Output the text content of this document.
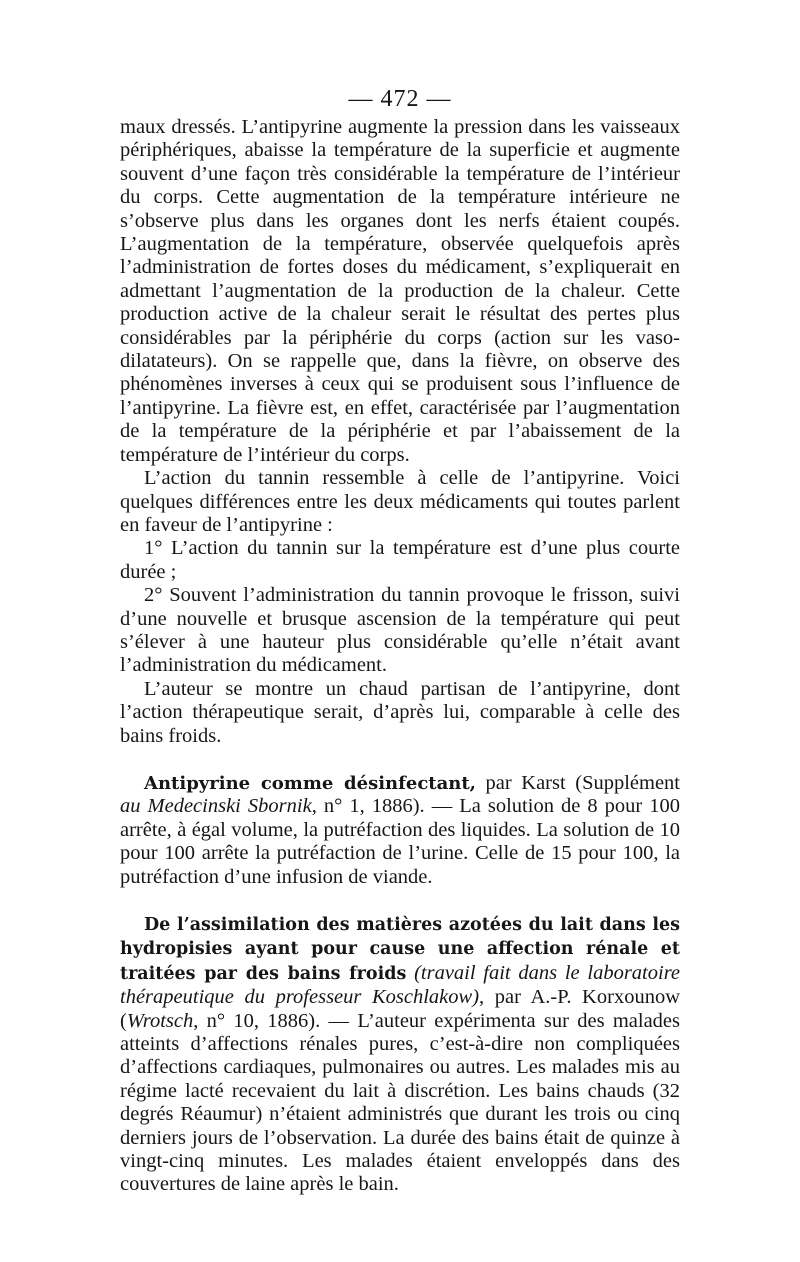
— 472 —

maux dressés. L’antipyrine augmente la pression dans les vaisseaux périphériques, abaisse la température de la superficie et augmente souvent d’une façon très considérable la température de l’intérieur du corps. Cette augmentation de la température intérieure ne s’observe plus dans les organes dont les nerfs étaient coupés. L’augmentation de la température, observée quelquefois après l’administration de fortes doses du médicament, s’expliquerait en admettant l’augmentation de la production de la chaleur. Cette production active de la chaleur serait le résultat des pertes plus considérables par la périphérie du corps (action sur les vaso-dilatateurs). On se rappelle que, dans la fièvre, on observe des phénomènes inverses à ceux qui se produisent sous l’influence de l’antipyrine. La fièvre est, en effet, caractérisée par l’augmentation de la température de la périphérie et par l’abaissement de la température de l’intérieur du corps.

L’action du tannin ressemble à celle de l’antipyrine. Voici quelques différences entre les deux médicaments qui toutes parlent en faveur de l’antipyrine :

1° L’action du tannin sur la température est d’une plus courte durée ;

2° Souvent l’administration du tannin provoque le frisson, suivi d’une nouvelle et brusque ascension de la température qui peut s’élever à une hauteur plus considérable qu’elle n’était avant l’administration du médicament.

L’auteur se montre un chaud partisan de l’antipyrine, dont l’action thérapeutique serait, d’après lui, comparable à celle des bains froids.

Antipyrine comme désinfectant, par Karst (Supplément au Medecinski Sbornik, n° 1, 1886). — La solution de 8 pour 100 arrête, à égal volume, la putréfaction des liquides. La solution de 10 pour 100 arrête la putréfaction de l’urine. Celle de 15 pour 100, la putréfaction d’une infusion de viande.

De l’assimilation des matières azotées du lait dans les hydropisies ayant pour cause une affection rénale et traitées par des bains froids (travail fait dans le laboratoire thérapeutique du professeur Koschlakow), par A.-P. Korxounow (Wrotsch, n° 10, 1886). — L’auteur expérimenta sur des malades atteints d’affections rénales pures, c’est-à-dire non compliquées d’affections cardiaques, pulmonaires ou autres. Les malades mis au régime lacté recevaient du lait à discrétion. Les bains chauds (32 degrés Réaumur) n’étaient administrés que durant les trois ou cinq derniers jours de l’observation. La durée des bains était de quinze à vingt-cinq minutes. Les malades étaient enveloppés dans des couvertures de laine après le bain.
